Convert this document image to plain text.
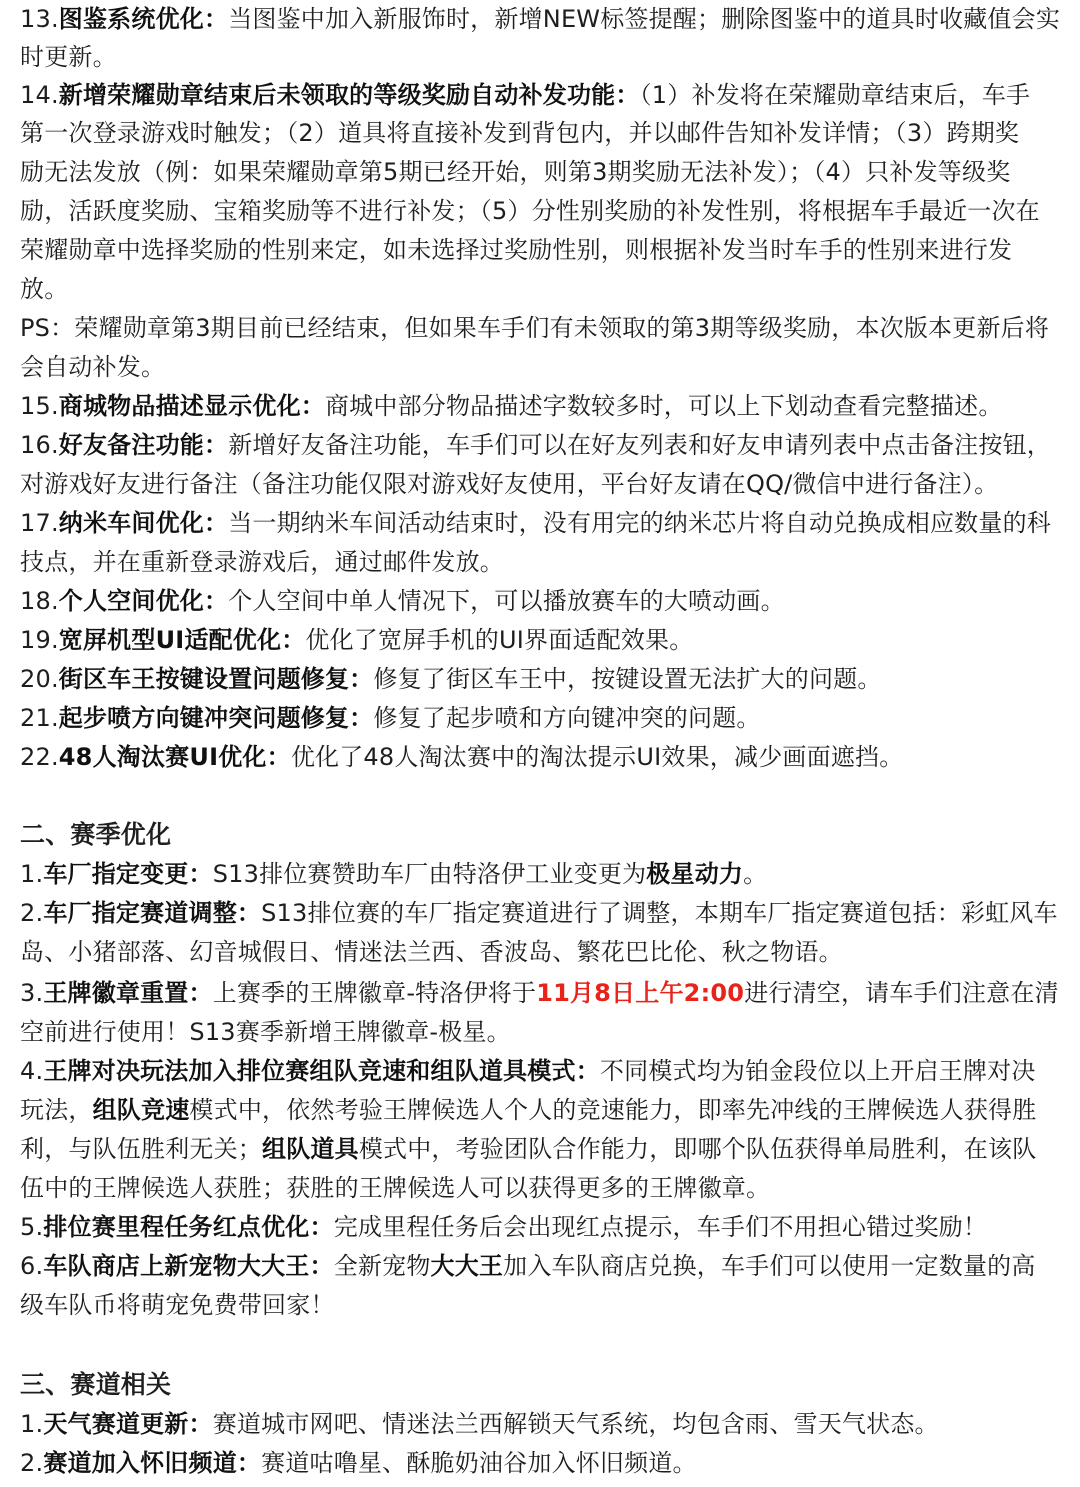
13.图鉴系统优化：当图鉴中加入新服饰时，新增NEW标签提醒；删除图鉴中的道具时收藏值会实
时更新。
14.新增荣耀勋章结束后未领取的等级奖励自动补发功能：（1）补发将在荣耀勋章结束后，车手
第一次登录游戏时触发；（2）道具将直接补发到背包内，并以邮件告知补发详情；（3）跨期奖
励无法发放（例：如果荣耀勋章第5期已经开始，则第3期奖励无法补发）；（4）只补发等级奖
励，活跃度奖励、宝箱奖励等不进行补发；（5）分性别奖励的补发性别，将根据车手最近一次在
荣耀勋章中选择奖励的性别来定，如未选择过奖励性别，则根据补发当时车手的性别来进行发
放。
PS：荣耀勋章第3期目前已经结束，但如果车手们有未领取的第3期等级奖励，本次版本更新后将
会自动补发。
15.商城物品描述显示优化：商城中部分物品描述字数较多时，可以上下划动查看完整描述。
16.好友备注功能：新增好友备注功能，车手们可以在好友列表和好友申请列表中点击备注按钮，
对游戏好友进行备注（备注功能仅限对游戏好友使用，平台好友请在QQ/微信中进行备注）。
17.纳米车间优化：当一期纳米车间活动结束时，没有用完的纳米芯片将自动兑换成相应数量的科
技点，并在重新登录游戏后，通过邮件发放。
18.个人空间优化：个人空间中单人情况下，可以播放赛车的大喷动画。
19.宽屏机型UI适配优化：优化了宽屏手机的UI界面适配效果。
20.街区车王按键设置问题修复：修复了街区车王中，按键设置无法扩大的问题。
21.起步喷方向键冲突问题修复：修复了起步喷和方向键冲突的问题。
22.48人淘汰赛UI优化：优化了48人淘汰赛中的淘汰提示UI效果，减少画面遮挡。
二、赛季优化
1.车厂指定变更：S13排位赛赞助车厂由特洛伊工业变更为极星动力。
2.车厂指定赛道调整：S13排位赛的车厂指定赛道进行了调整，本期车厂指定赛道包括：彩虹风车
岛、小猪部落、幻音城假日、情迷法兰西、香波岛、繁花巴比伦、秋之物语。
3.王牌徽章重置：上赛季的王牌徽章-特洛伊将于11月8日上午2:00进行清空，请车手们注意在清
空前进行使用！S13赛季新增王牌徽章-极星。
4.王牌对决玩法加入排位赛组队竞速和组队道具模式：不同模式均为铂金段位以上开启王牌对决
玩法，组队竞速模式中，依然考验王牌候选人个人的竞速能力，即率先冲线的王牌候选人获得胜
利，与队伍胜利无关；组队道具模式中，考验团队合作能力，即哪个队伍获得单局胜利，在该队
伍中的王牌候选人获胜；获胜的王牌候选人可以获得更多的王牌徽章。
5.排位赛里程任务红点优化：完成里程任务后会出现红点提示，车手们不用担心错过奖励！
6.车队商店上新宠物大大王：全新宠物大大王加入车队商店兑换，车手们可以使用一定数量的高
级车队币将萌宠免费带回家！
三、赛道相关
1.天气赛道更新：赛道城市网吧、情迷法兰西解锁天气系统，均包含雨、雪天气状态。
2.赛道加入怀旧频道：赛道咕噜星、酥脆奶油谷加入怀旧频道。
